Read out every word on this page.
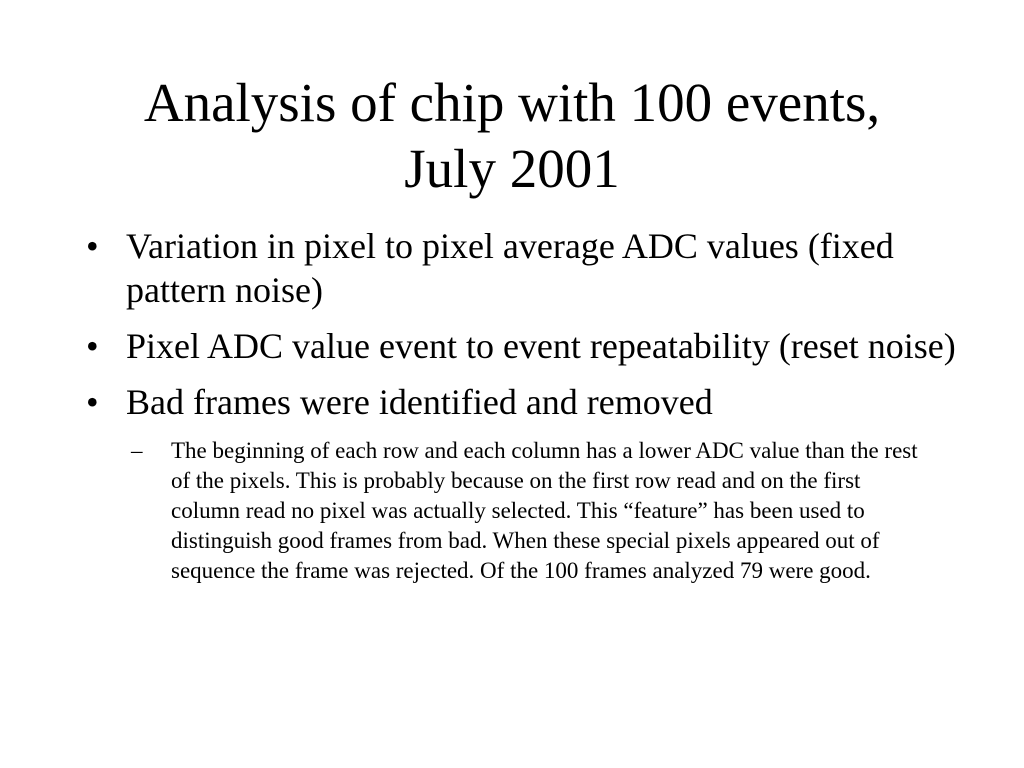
Analysis of chip with 100 events,
July 2001
• Variation in pixel to pixel average ADC values (fixed pattern noise)
• Pixel ADC value event to event repeatability (reset noise)
• Bad frames were identified and removed
– The beginning of each row and each column has a lower ADC value than the rest of the pixels. This is probably because on the first row read and on the first column read no pixel was actually selected. This “feature” has been used to distinguish good frames from bad. When these special pixels appeared out of sequence the frame was rejected. Of the 100 frames analyzed 79 were good.
